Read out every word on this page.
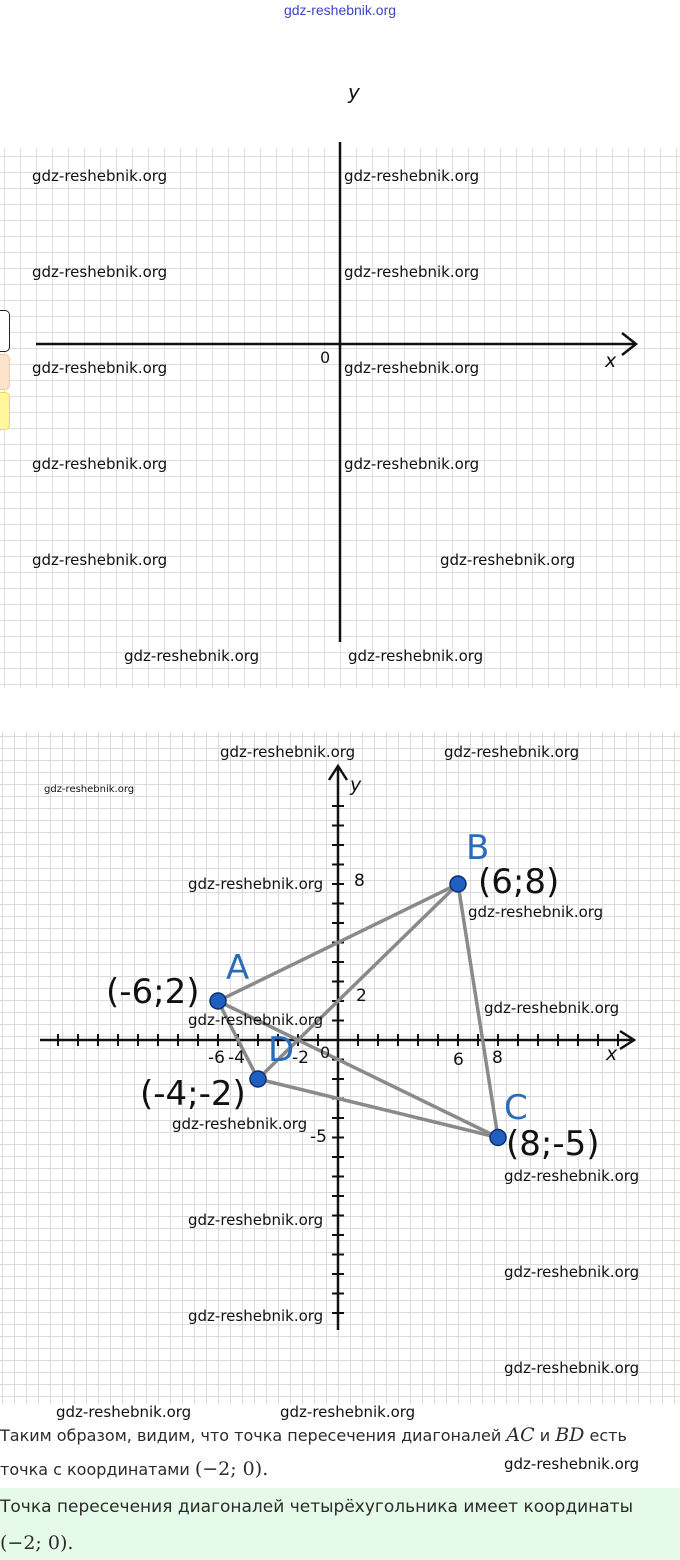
gdz-reshebnik.org
y
0	x
gdz-reshebnik.org	gdz-reshebnik.org
gdz-reshebnik.org	gdz-reshebnik.org
gdz-reshebnik.org	gdz-reshebnik.org
gdz-reshebnik.org	gdz-reshebnik.org
gdz-reshebnik.org	gdz-reshebnik.org
gdz-reshebnik.org	gdz-reshebnik.org
-6 -4	-2	6 8
8
2
-5
0
y
x
A
B
C
D
(-6;2)
(6;8)
(8;-5)
(-4;-2)
gdz-reshebnik.org	gdz-reshebnik.org
gdz-reshebnik.org
gdz-reshebnik.org
gdz-reshebnik.org
gdz-reshebnik.org
gdz-reshebnik.org
gdz-reshebnik.org
gdz-reshebnik.org
gdz-reshebnik.org
gdz-reshebnik.org
gdz-reshebnik.org
gdz-reshebnik.org
gdz-reshebnik.org	gdz-reshebnik.org
gdz-reshebnik.org
Таким образом, видим, что точка пересечения диагоналей AC и BD есть
точка с координатами (−2; 0).
Точка пересечения диагоналей четырёхугольника имеет координаты
(−2; 0).
